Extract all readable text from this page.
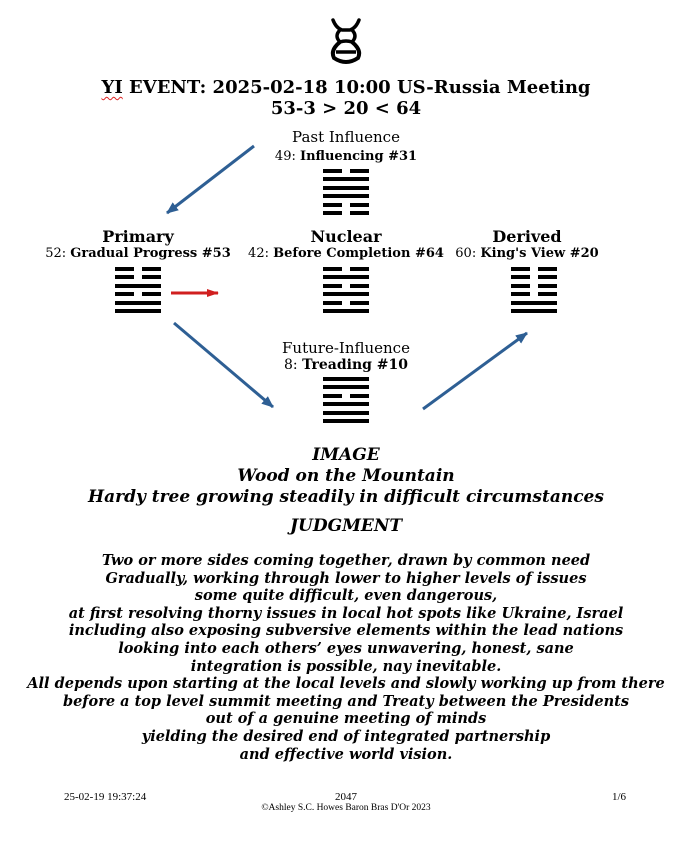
YI EVENT: 2025-02-18 10:00 US-Russia Meeting
53-3 > 20 < 64
Past Influence
49: Influencing #31
Primary
52: Gradual Progress #53
Nuclear
42: Before Completion #64
Derived
60: King's View #20
Future-Influence
8: Treading #10
IMAGE
Wood on the Mountain
Hardy tree growing steadily in difficult circumstances
JUDGMENT
Two or more sides coming together, drawn by common need
Gradually, working through lower to higher levels of issues
some quite difficult, even dangerous,
at first resolving thorny issues in local hot spots like Ukraine, Israel
including also exposing subversive elements within the lead nations
looking into each others’ eyes unwavering, honest, sane
integration is possible, nay inevitable.
All depends upon starting at the local levels and slowly working up from there
before a top level summit meeting and Treaty between the Presidents
out of a genuine meeting of minds
yielding the desired end of integrated partnership
and effective world vision.
25-02-19 19:37:24	2047	1/6
©Ashley S.C. Howes Baron Bras D'Or 2023
